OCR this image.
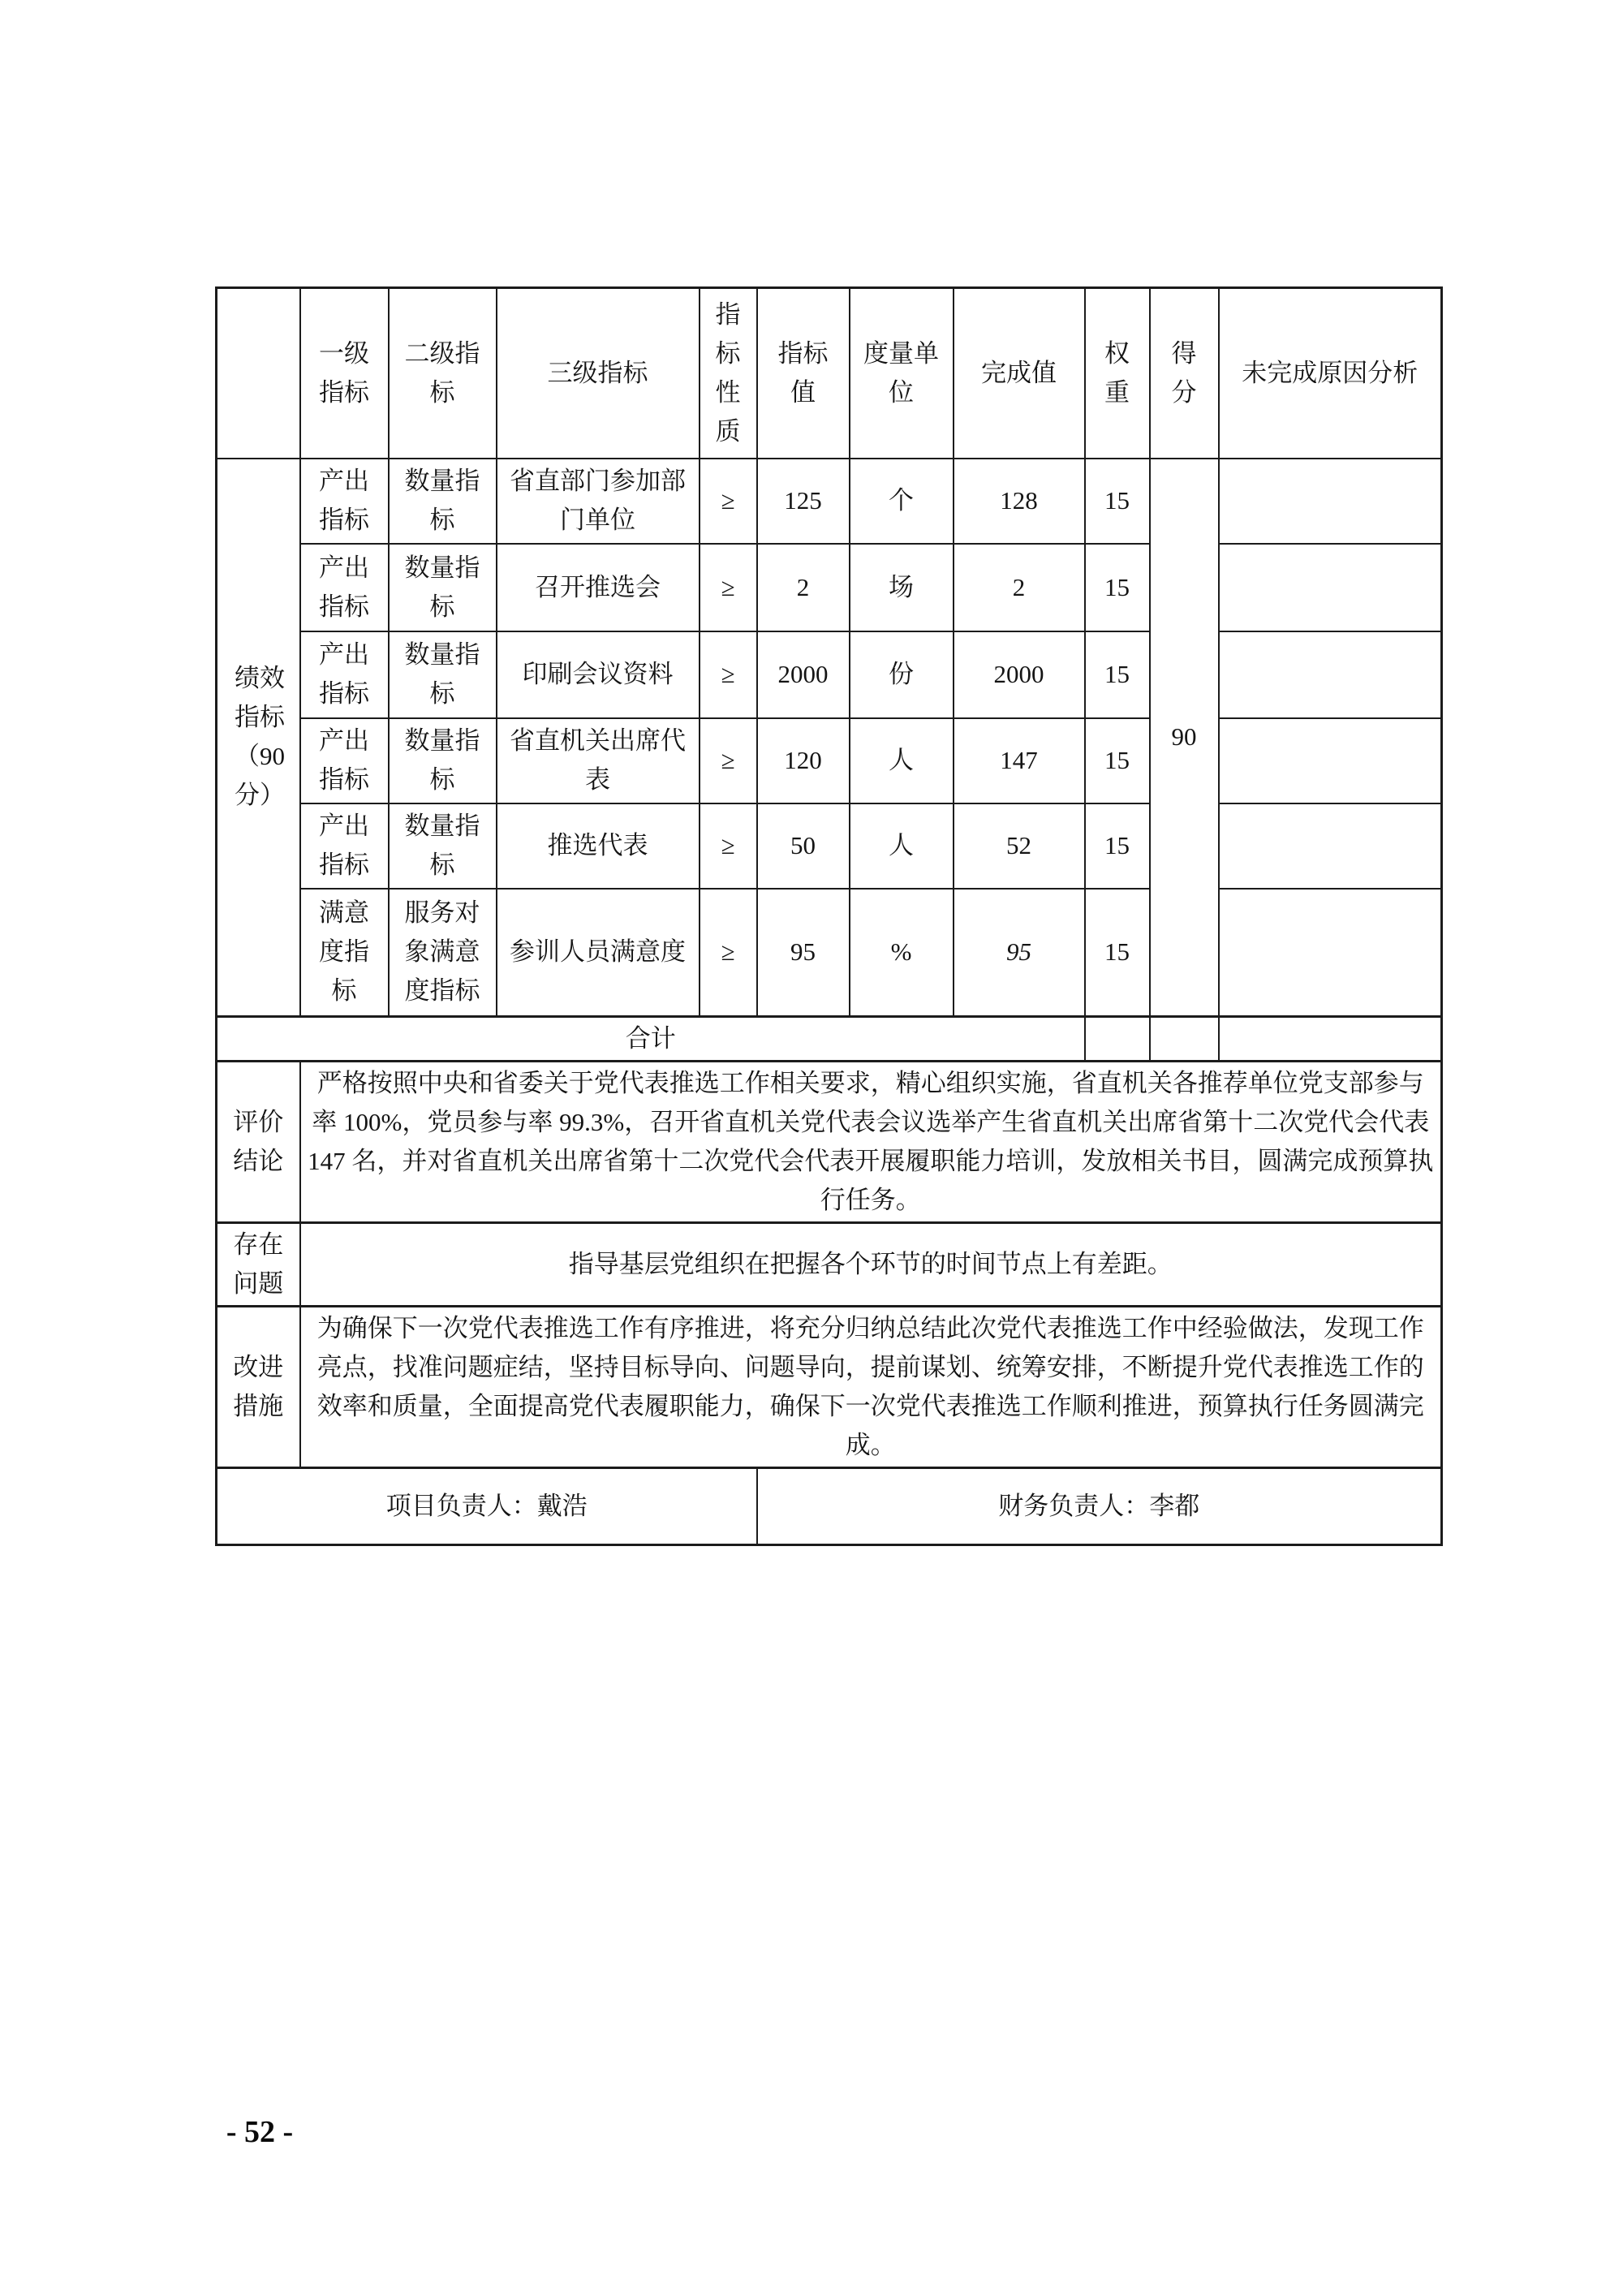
	一级指标	二级指标	三级指标	指标性质	指标值	度量单位	完成值	权重	得分	未完成原因分析

绩效指标（90分）	产出指标	数量指标	省直部门参加部门单位	≥	125	个	128	15	90	

	产出指标	数量指标	召开推选会	≥	2	场	2	15		

	产出指标	数量指标	印刷会议资料	≥	2000	份	2000	15		

	产出指标	数量指标	省直机关出席代表	≥	120	人	147	15		

	产出指标	数量指标	推选代表	≥	50	人	52	15		

	满意度指标	服务对象满意度指标	参训人员满意度	≥	95	%	95	15		
合计										

评价结论	严格按照中央和省委关于党代表推选工作相关要求，精心组织实施，省直机关各推荐单位党支部参与率 100%，党员参与率 99.3%，召开省直机关党代表会议选举产生省直机关出席省第十二次党代会代表 147 名，并对省直机关出席省第十二次党代会代表开展履职能力培训，发放相关书目，圆满完成预算执行任务。									

存在问题	指导基层党组织在把握各个环节的时间节点上有差距。									

改进措施	为确保下一次党代表推选工作有序推进，将充分归纳总结此次党代表推选工作中经验做法，发现工作亮点，找准问题症结，坚持目标导向、问题导向，提前谋划、统筹安排，不断提升党代表推选工作的效率和质量，全面提高党代表履职能力，确保下一次党代表推选工作顺利推进，预算执行任务圆满完成。									
项目负责人：戴浩					财务负责人：李都					
- 52 -
